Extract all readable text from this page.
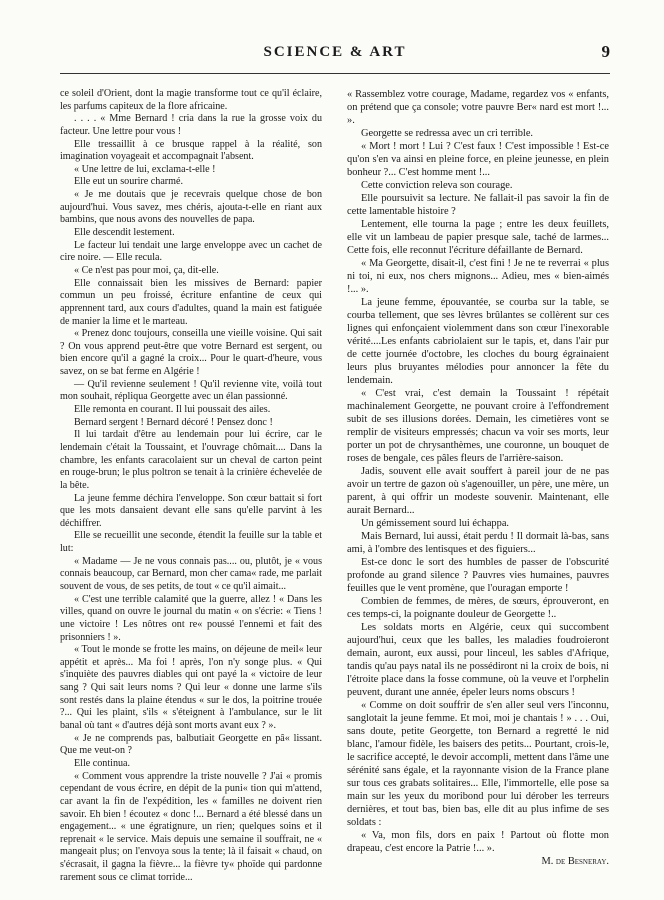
SCIENCE & ART	9

ce soleil d'Orient, dont la magie transforme tout ce qu'il éclaire, les parfums capiteux de la flore africaine.

. . . . « Mme Bernard ! cria dans la rue la grosse voix du facteur. Une lettre pour vous !

Elle tressaillit à ce brusque rappel à la réalité, son imagination voyageait et accompagnait l'absent.

« Une lettre de lui, exclama-t-elle !

Elle eut un sourire charmé.

« Je me doutais que je recevrais quelque chose de bon aujourd'hui. Vous savez, mes chéris, ajouta-t-elle en riant aux bambins, que nous avons des nouvelles de papa.

Elle descendit lestement.

Le facteur lui tendait une large enveloppe avec un cachet de cire noire. — Elle recula.

« Ce n'est pas pour moi, ça, dit-elle.

Elle connaissait bien les missives de Bernard: papier commun un peu froissé, écriture enfantine de ceux qui apprennent tard, aux cours d'adultes, quand la main est fatiguée de manier la lime et le marteau.

« Prenez donc toujours, conseilla une vieille voisine. Qui sait ? On vous apprend peut-être que votre Bernard est sergent, ou bien encore qu'il a gagné la croix... Pour le quart-d'heure, vous savez, on se bat ferme en Algérie !

— Qu'il revienne seulement ! Qu'il revienne vite, voilà tout mon souhait, répliqua Georgette avec un élan passionné.

Elle remonta en courant. Il lui poussait des ailes.

Bernard sergent ! Bernard décoré ! Pensez donc !

Il lui tardait d'être au lendemain pour lui écrire, car le lendemain c'était la Toussaint, et l'ouvrage chômait.... Dans la chambre, les enfants caracolaient sur un cheval de carton peint en rouge-brun; le plus poltron se tenait à la crinière échevelée de la bête.

La jeune femme déchira l'enveloppe. Son cœur battait si fort que les mots dansaient devant elle sans qu'elle parvint à les déchiffrer.

Elle se recueillit une seconde, étendit la feuille sur la table et lut:

« Madame — Je ne vous connais pas.... ou, plutôt, je « vous connais beaucoup, car Bernard, mon cher cama« rade, me parlait souvent de vous, de ses petits, de tout « ce qu'il aimait...

« C'est une terrible calamité que la guerre, allez ! « Dans les villes, quand on ouvre le journal du matin « on s'écrie: « Tiens ! une victoire ! Les nôtres ont re« poussé l'ennemi et fait des prisonniers ! ».

« Tout le monde se frotte les mains, on déjeune de meil« leur appétit et après... Ma foi ! après, l'on n'y songe plus. « Qui s'inquiète des pauvres diables qui ont payé la « victoire de leur sang ? Qui sait leurs noms ? Qui leur « donne une larme s'ils sont restés dans la plaine étendus « sur le dos, la poitrine trouée ?... Qui les plaint, s'ils « s'éteignent à l'ambulance, sur le lit banal où tant « d'autres déjà sont morts avant eux ? ».

« Je ne comprends pas, balbutiait Georgette en pâ« lissant. Que me veut-on ?

Elle continua.

« Comment vous apprendre la triste nouvelle ? J'ai « promis cependant de vous écrire, en dépit de la puni« tion qui m'attend, car avant la fin de l'expédition, les « familles ne doivent rien savoir. Eh bien ! écoutez « donc !... Bernard a été blessé dans un engagement... « une égratignure, un rien; quelques soins et il reprenait « le service. Mais depuis une semaine il souffrait, ne « mangeait plus; on l'envoya sous la tente; là il faisait « chaud, on s'écrasait, il gagna la fièvre... la fièvre ty« phoïde qui pardonne rarement sous ce climat torride...

« Rassemblez votre courage, Madame, regardez vos « enfants, on prétend que ça console; votre pauvre Ber« nard est mort !... ».

Georgette se redressa avec un cri terrible.

« Mort ! mort ! Lui ? C'est faux ! C'est impossible ! Est-ce qu'on s'en va ainsi en pleine force, en pleine jeunesse, en plein bonheur ?... C'est homme ment !...

Cette conviction releva son courage.

Elle poursuivit sa lecture. Ne fallait-il pas savoir la fin de cette lamentable histoire ?

Lentement, elle tourna la page ; entre les deux feuillets, elle vit un lambeau de papier presque sale, taché de larmes... Cette fois, elle reconnut l'écriture défaillante de Bernard.

« Ma Georgette, disait-il, c'est fini ! Je ne te reverrai « plus ni toi, ni eux, nos chers mignons... Adieu, mes « bien-aimés !... ».

La jeune femme, épouvantée, se courba sur la table, se courba tellement, que ses lèvres brûlantes se collèrent sur ces lignes qui enfonçaient violemment dans son cœur l'inexorable vérité....Les enfants cabriolaient sur le tapis, et, dans l'air pur de cette journée d'octobre, les cloches du bourg égrainaient leurs plus bruyantes mélodies pour annoncer la fête du lendemain.

« C'est vrai, c'est demain la Toussaint ! répétait machinalement Georgette, ne pouvant croire à l'effondrement subit de ses illusions dorées. Demain, les cimetières vont se remplir de visiteurs empressés; chacun va voir ses morts, leur porter un pot de chrysanthèmes, une couronne, un bouquet de roses de bengale, ces pâles fleurs de l'arrière-saison.

Jadis, souvent elle avait souffert à pareil jour de ne pas avoir un tertre de gazon où s'agenouiller, un père, une mère, un parent, à qui offrir un modeste souvenir. Maintenant, elle aurait Bernard...

Un gémissement sourd lui échappa.

Mais Bernard, lui aussi, était perdu ! Il dormait là-bas, sans ami, à l'ombre des lentisques et des figuiers...

Est-ce donc le sort des humbles de passer de l'obscurité profonde au grand silence ? Pauvres vies humaines, pauvres feuilles que le vent promène, que l'ouragan emporte !

Combien de femmes, de mères, de sœurs, éprouveront, en ces temps-ci, la poignante douleur de Georgette !..

Les soldats morts en Algérie, ceux qui succombent aujourd'hui, ceux que les balles, les maladies foudroieront demain, auront, eux aussi, pour linceul, les sables d'Afrique, tandis qu'au pays natal ils ne possédiront ni la croix de bois, ni l'étroite place dans la fosse commune, où la veuve et l'orphelin peuvent, durant une année, épeler leurs noms obscurs !

« Comme on doit souffrir de s'en aller seul vers l'inconnu, sanglotait la jeune femme. Et moi, moi je chantais ! » . . . Oui, sans doute, petite Georgette, ton Bernard a regretté le nid blanc, l'amour fidèle, les baisers des petits... Pourtant, crois-le, le sacrifice accepté, le devoir accompli, mettent dans l'âme une sérénité sans égale, et la rayonnante vision de la France plane sur tous ces grabats solitaires... Elle, l'immortelle, elle pose sa main sur les yeux du moribond pour lui dérober les terreurs dernières, et tout bas, bien bas, elle dit au plus infime de ses soldats :

« Va, mon fils, dors en paix ! Partout où flotte mon drapeau, c'est encore la Patrie !... ».

M. de Besneray.
